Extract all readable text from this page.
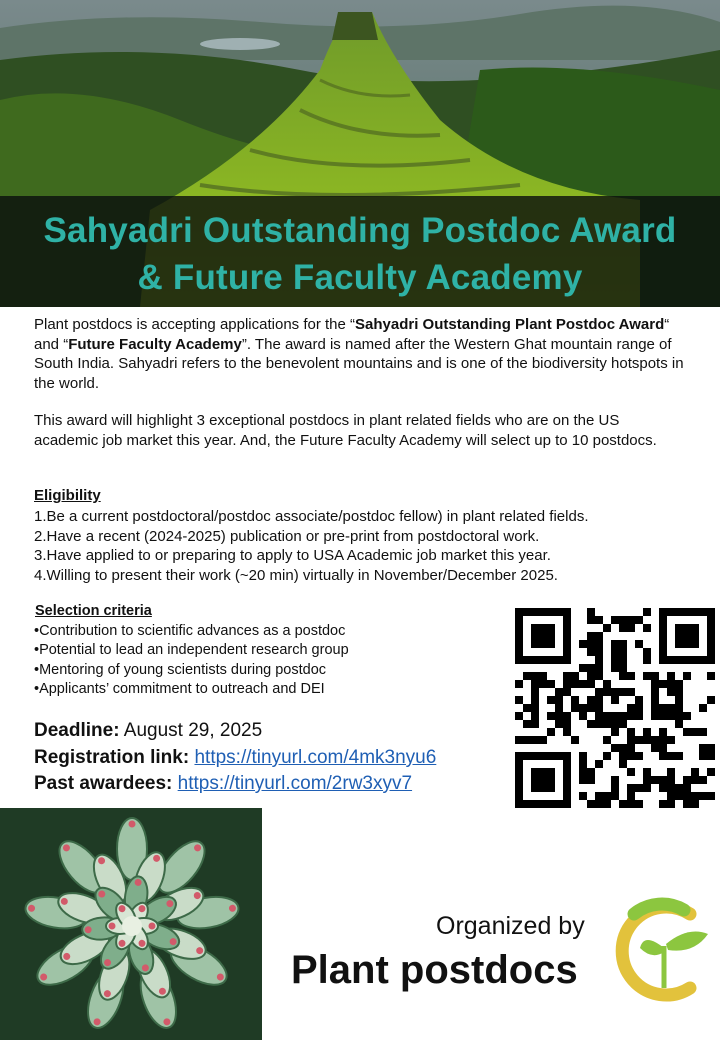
Sahyadri Outstanding Postdoc Award
& Future Faculty Academy
Plant postdocs is accepting applications for the “Sahyadri Outstanding Plant Postdoc Award“ and “Future Faculty Academy”. The award is named after the Western Ghat mountain range of South India. Sahyadri refers to the benevolent mountains and is one of the biodiversity hotspots in the world.
This award will highlight 3 exceptional postdocs in plant related fields who are on the US academic job market this year. And, the Future Faculty Academy will select up to 10 postdocs.
Eligibility
1.Be a current postdoctoral/postdoc associate/postdoc fellow) in plant related fields.
2.Have a recent (2024-2025) publication or pre-print from postdoctoral work.
3.Have applied to or preparing to apply to USA Academic job market this year.
4.Willing to present their work (~20 min) virtually in November/December 2025.
Selection criteria
•Contribution to scientific advances as a postdoc
•Potential to lead an independent research group
•Mentoring of young scientists during postdoc
•Applicants’ commitment to outreach and DEI
Deadline: August 29, 2025
Registration link: https://tinyurl.com/4mk3nyu6
Past awardees: https://tinyurl.com/2rw3xyv7
Organized by
Plant postdocs
